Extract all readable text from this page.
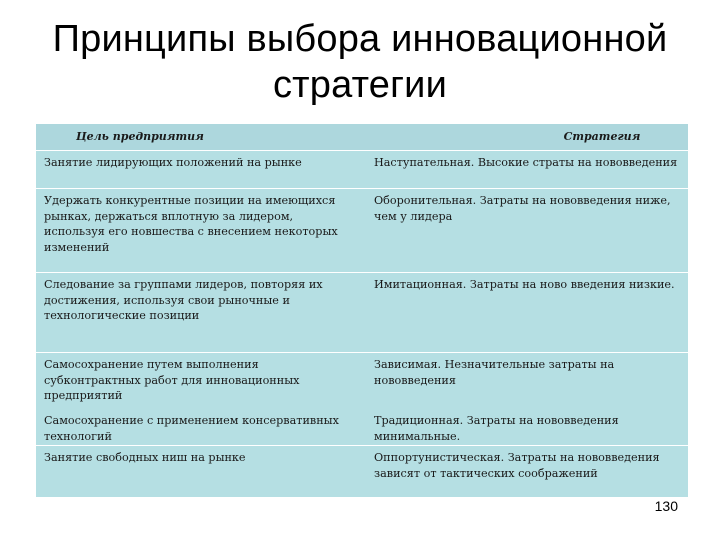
Принципы выбора инновационной стратегии
Цель предприятия	Стратегия
Занятие лидирующих положений на рынке	Наступательная. Высокие страты на нововведения
Удержать конкурентные позиции на имеющихся рынках, держаться вплотную за лидером, используя его новшества с внесением некоторых изменений	Оборонительная. Затраты на нововведения ниже, чем у лидера
Следование за группами лидеров, повторяя их достижения, используя свои рыночные и технологические позиции	Имитационная. Затраты на ново введения низкие.
Самосохранение путем выполнения субконтрактных работ для инновационных предприятий	Зависимая. Незначительные затраты на нововведения
Самосохранение с применением консервативных технологий	Традиционная. Затраты на нововведения минимальные.
Занятие свободных ниш на рынке	Оппортунистическая. Затраты на нововведения зависят от тактических соображений
130
